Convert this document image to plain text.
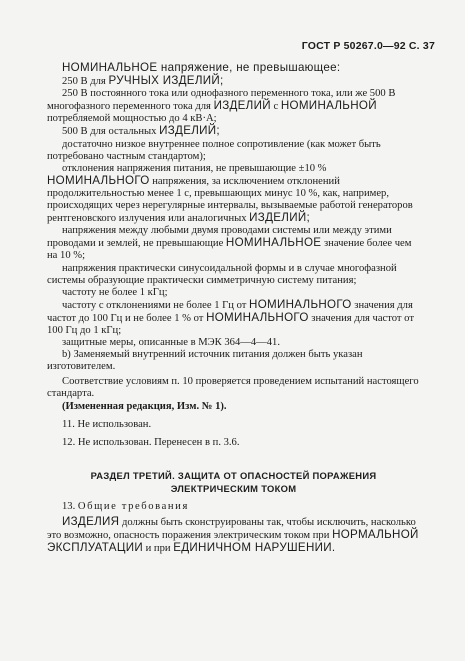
ГОСТ Р 50267.0—92 С. 37

НОМИНАЛЬНОЕ напряжение, не превышающее:

250 В для РУЧНЫХ ИЗДЕЛИЙ;

250 В постоянного тока или однофазного переменного тока, или же 500 В многофазного переменного тока для ИЗДЕЛИЙ с НОМИНАЛЬНОЙ потребляемой мощностью до 4 кВ·А;

500 В для остальных ИЗДЕЛИЙ;

достаточно низкое внутреннее полное сопротивление (как может быть потребовано частным стандартом);

отклонения напряжения питания, не превышающие ±10 % НОМИНАЛЬНОГО напряжения, за исключением отклонений продолжительностью менее 1 с, превышающих минус 10 %, как, например, происходящих через нерегулярные интервалы, вызываемые работой генераторов рентгеновского излучения или аналогичных ИЗДЕЛИЙ;

напряжения между любыми двумя проводами системы или между этими проводами и землей, не превышающие НОМИНАЛЬНОЕ значение более чем на 10 %;

напряжения практически синусоидальной формы и в случае многофазной системы образующие практически симметричную систему питания;

частоту не более 1 кГц;

частоту с отклонениями не более 1 Гц от НОМИНАЛЬНОГО значения для частот до 100 Гц и не более 1 % от НОМИНАЛЬНОГО значения для частот от 100 Гц до 1 кГц;

защитные меры, описанные в МЭК 364—4—41.

b) Заменяемый внутренний источник питания должен быть указан изготовителем.

Соответствие условиям п. 10 проверяется проведением испытаний настоящего стандарта.

(Измененная редакция, Изм. № 1).

11. Не использован.

12. Не использован. Перенесен в п. 3.6.

РАЗДЕЛ ТРЕТИЙ. ЗАЩИТА ОТ ОПАСНОСТЕЙ ПОРАЖЕНИЯ
ЭЛЕКТРИЧЕСКИМ ТОКОМ

13. Общие требования

ИЗДЕЛИЯ должны быть сконструированы так, чтобы исключить, насколько это возможно, опасность поражения электрическим током при НОРМАЛЬНОЙ ЭКСПЛУАТАЦИИ и при ЕДИНИЧНОМ НАРУШЕНИИ.
